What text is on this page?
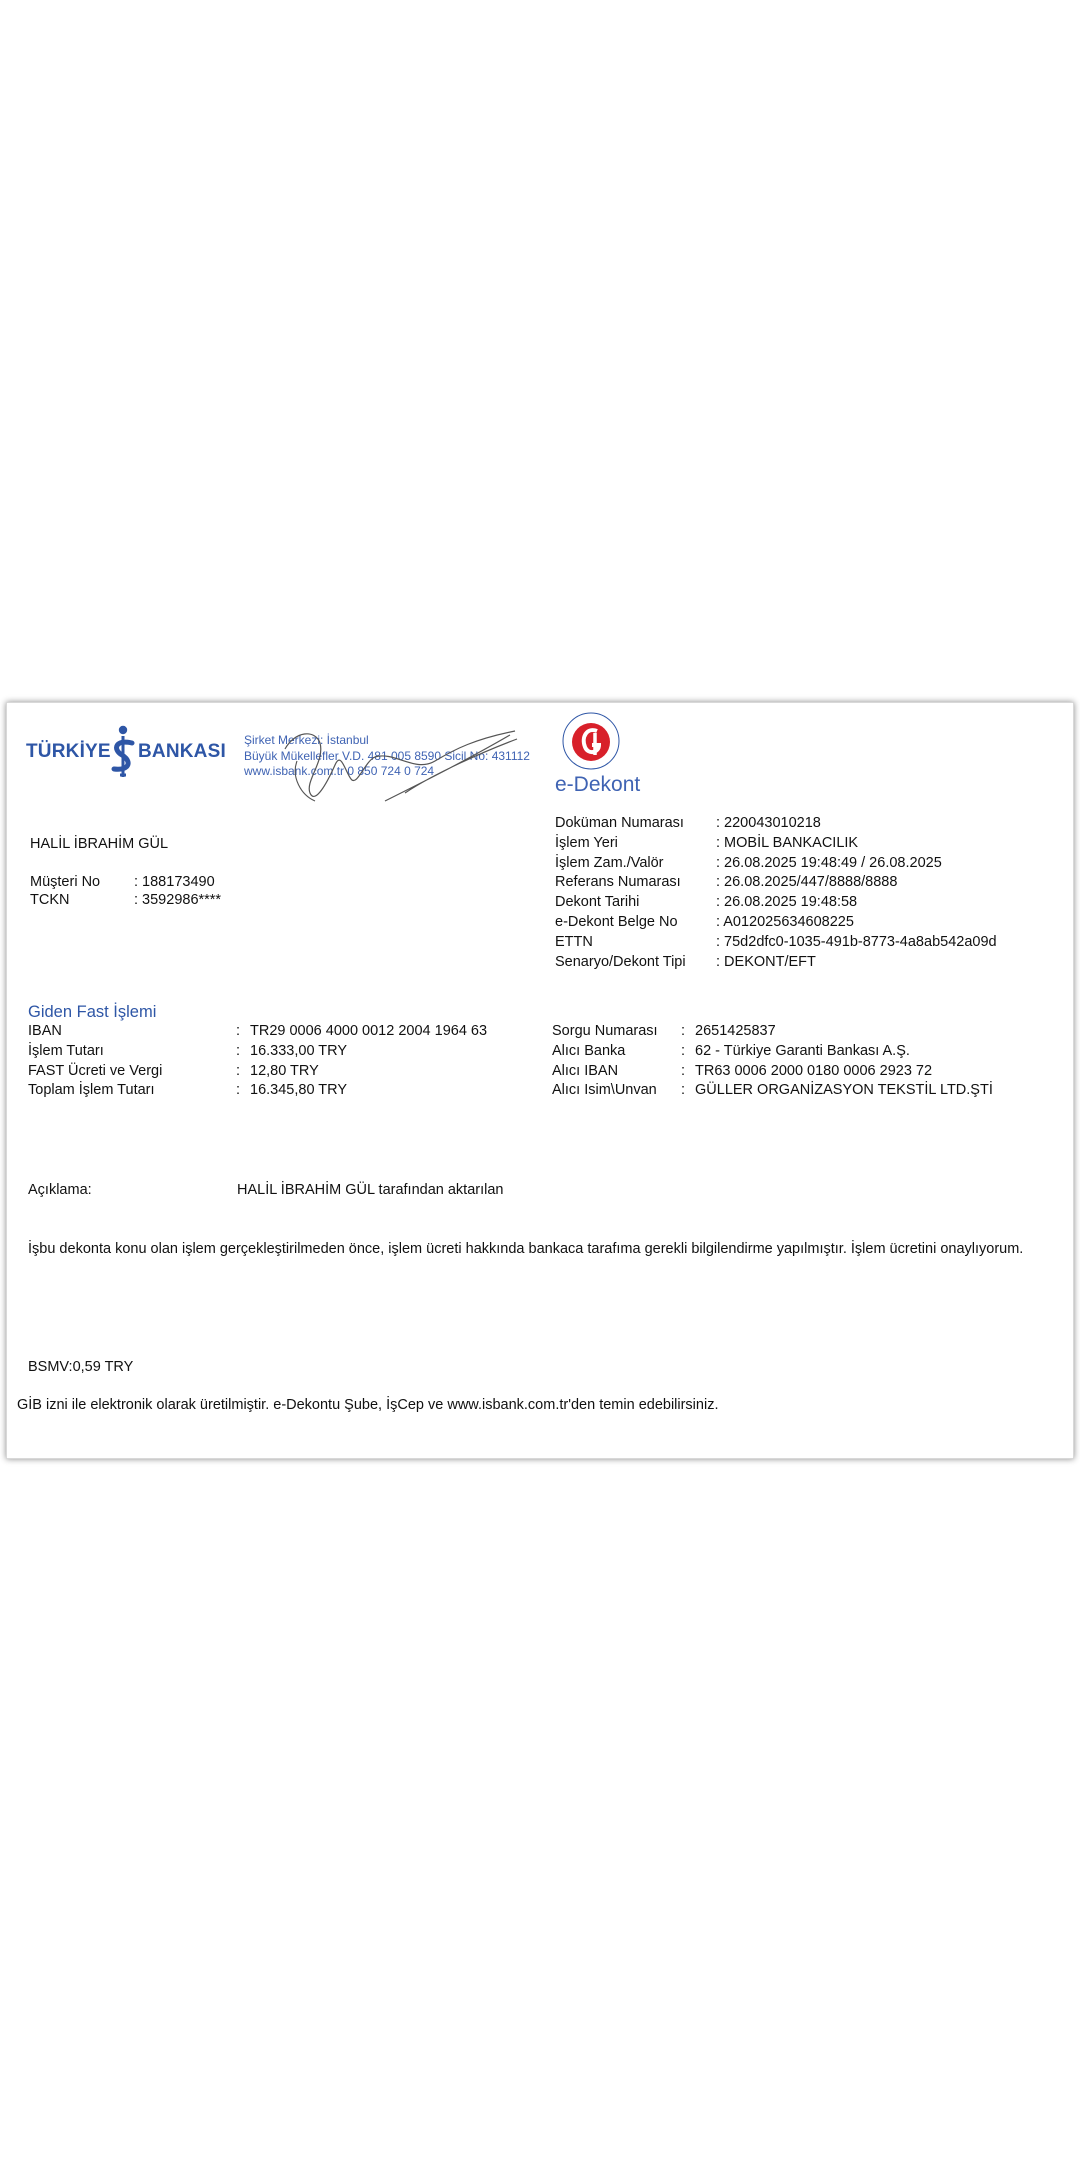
TÜRKİYE BANKASI
Şirket Merkezi: İstanbul
Büyük Mükellefler V.D. 481 005 8590 Sicil No: 431112
www.isbank.com.tr 0 850 724 0 724
e-Dekont
HALİL İBRAHİM GÜL
Müşteri No	: 188173490
TCKN	: 3592986****
Doküman Numarası	: 220043010218
İşlem Yeri	: MOBİL BANKACILIK
İşlem Zam./Valör	: 26.08.2025 19:48:49 / 26.08.2025
Referans Numarası	: 26.08.2025/447/8888/8888
Dekont Tarihi	: 26.08.2025 19:48:58
e-Dekont Belge No	: A012025634608225
ETTN	: 75d2dfc0-1035-491b-8773-4a8ab542a09d
Senaryo/Dekont Tipi	: DEKONT/EFT
Giden Fast İşlemi
IBAN	: TR29 0006 4000 0012 2004 1964 63
İşlem Tutarı	: 16.333,00 TRY
FAST Ücreti ve Vergi	: 12,80 TRY
Toplam İşlem Tutarı	: 16.345,80 TRY
Sorgu Numarası	: 2651425837
Alıcı Banka	: 62 - Türkiye Garanti Bankası A.Ş.
Alıcı IBAN	: TR63 0006 2000 0180 0006 2923 72
Alıcı Isim\Unvan	: GÜLLER ORGANİZASYON TEKSTİL LTD.ŞTİ
Açıklama:	HALİL İBRAHİM GÜL tarafından aktarılan
İşbu dekonta konu olan işlem gerçekleştirilmeden önce, işlem ücreti hakkında bankaca tarafıma gerekli bilgilendirme yapılmıştır. İşlem ücretini onaylıyorum.
BSMV:0,59 TRY
GİB izni ile elektronik olarak üretilmiştir. e-Dekontu Şube, İşCep ve www.isbank.com.tr'den temin edebilirsiniz.
